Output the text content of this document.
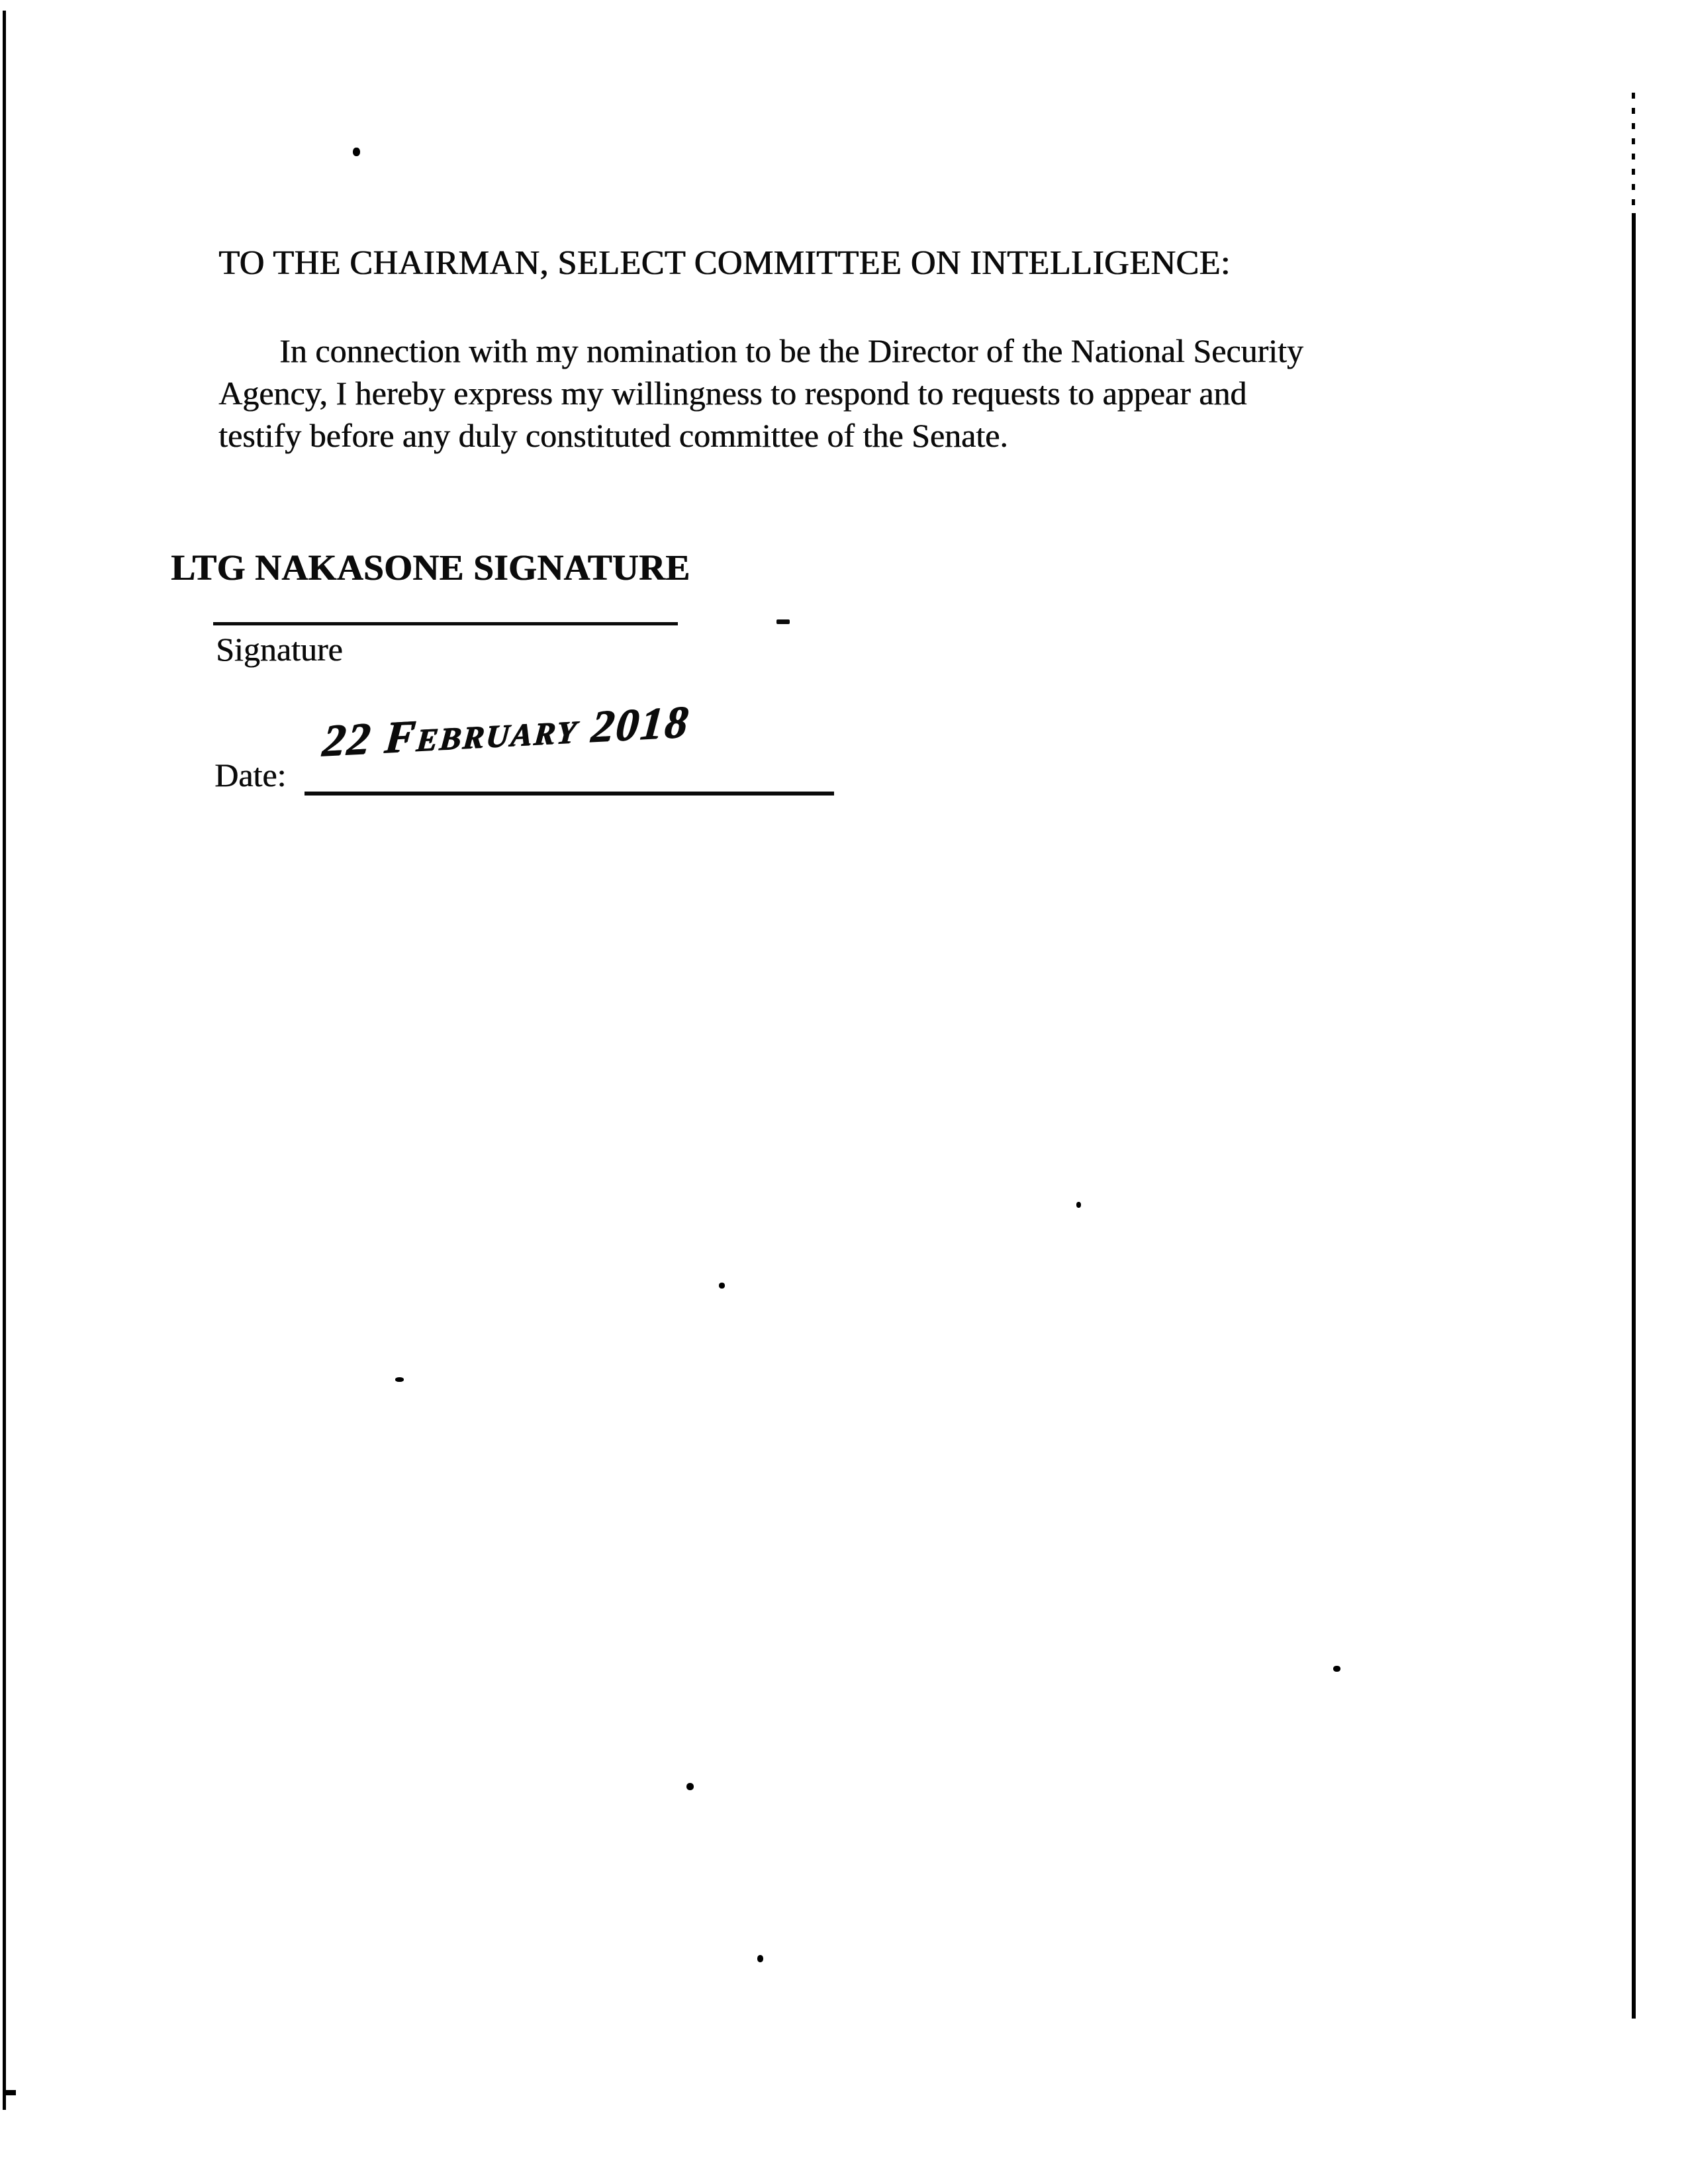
TO THE CHAIRMAN, SELECT COMMITTEE ON INTELLIGENCE:
In connection with my nomination to be the Director of the National Security
Agency, I hereby express my willingness to respond to requests to appear and
testify before any duly constituted committee of the Senate.
LTG NAKASONE SIGNATURE
Signature
Date:
22 February 2018
